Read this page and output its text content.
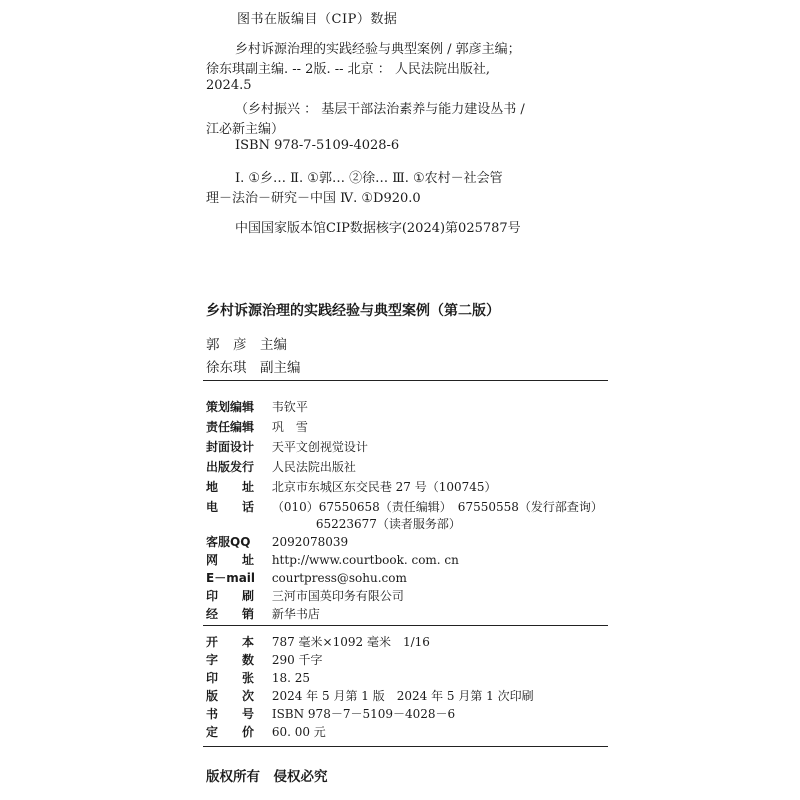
图书在版编目（CIP）数据
乡村诉源治理的实践经验与典型案例 / 郭彦主编；
徐东琪副主编. -- 2版. -- 北京 ： 人民法院出版社,
2024.5
（乡村振兴 ： 基层干部法治素养与能力建设丛书 /
江必新主编）
ISBN 978-7-5109-4028-6
Ⅰ. ①乡… Ⅱ. ①郭… ②徐… Ⅲ. ①农村－社会管
理－法治－研究－中国 Ⅳ. ①D920.0
中国国家版本馆CIP数据核字(2024)第025787号
乡村诉源治理的实践经验与典型案例（第二版）
郭　彦　主编
徐东琪　副主编
策划编辑 韦钦平
责任编辑 巩　雪
封面设计 天平文创视觉设计
出版发行 人民法院出版社
地　　址 北京市东城区东交民巷 27 号（100745）
电　　话 （010）67550658（责任编辑）　67550558（发行部查询）
65223677（读者服务部）
客服QQ 2092078039
网　　址 http://www.courtbook. com. cn
E－mail courtpress@sohu.com
印　　刷 三河市国英印务有限公司
经　　销 新华书店
开　　本 787 毫米×1092 毫米　1/16
字　　数 290 千字
印　　张 18. 25
版　　次 2024 年 5 月第 1 版　2024 年 5 月第 1 次印刷
书　　号 ISBN 978－7－5109－4028－6
定　　价 60. 00 元
版权所有　侵权必究
